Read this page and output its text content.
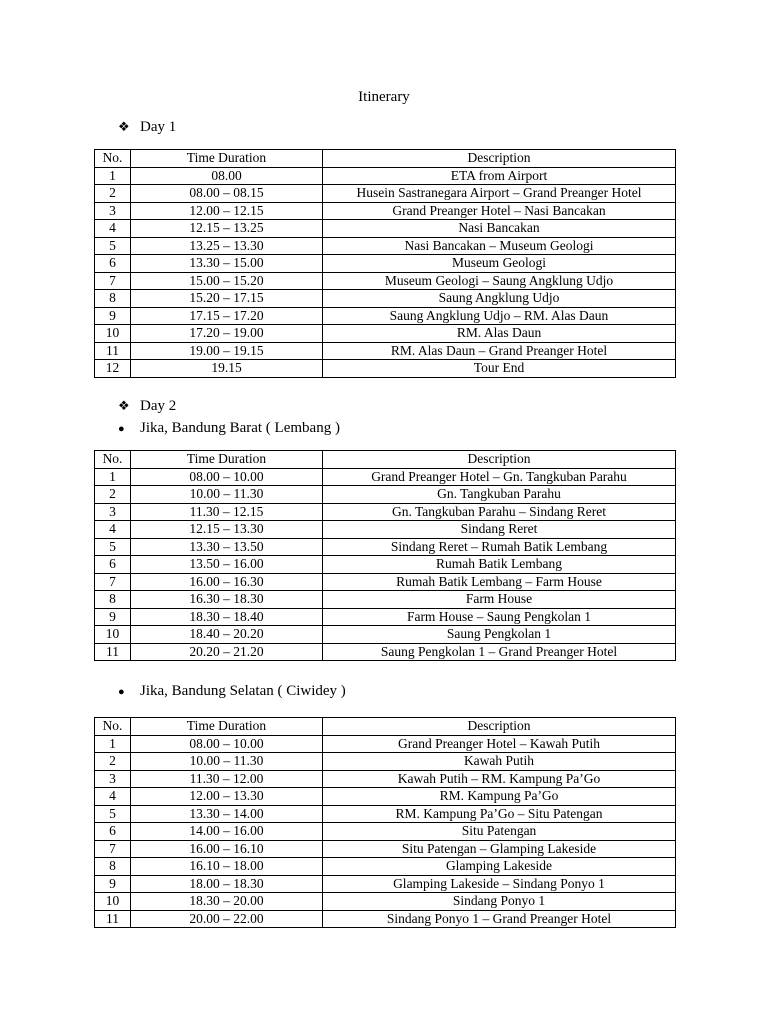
Itinerary
❖ Day 1
No.	Time Duration	Description
1	08.00	ETA from Airport
2	08.00 – 08.15	Husein Sastranegara Airport – Grand Preanger Hotel
3	12.00 – 12.15	Grand Preanger Hotel – Nasi Bancakan
4	12.15 – 13.25	Nasi Bancakan
5	13.25 – 13.30	Nasi Bancakan – Museum Geologi
6	13.30 – 15.00	Museum Geologi
7	15.00 – 15.20	Museum Geologi – Saung Angklung Udjo
8	15.20 – 17.15	Saung Angklung Udjo
9	17.15 – 17.20	Saung Angklung Udjo – RM. Alas Daun
10	17.20 – 19.00	RM. Alas Daun
11	19.00 – 19.15	RM. Alas Daun – Grand Preanger Hotel
12	19.15	Tour End
❖ Day 2
● Jika, Bandung Barat ( Lembang )
No.	Time Duration	Description
1	08.00 – 10.00	Grand Preanger Hotel – Gn. Tangkuban Parahu
2	10.00 – 11.30	Gn. Tangkuban Parahu
3	11.30 – 12.15	Gn. Tangkuban Parahu – Sindang Reret
4	12.15 – 13.30	Sindang Reret
5	13.30 – 13.50	Sindang Reret – Rumah Batik Lembang
6	13.50 – 16.00	Rumah Batik Lembang
7	16.00 – 16.30	Rumah Batik Lembang – Farm House
8	16.30 – 18.30	Farm House
9	18.30 – 18.40	Farm House – Saung Pengkolan 1
10	18.40 – 20.20	Saung Pengkolan 1
11	20.20 – 21.20	Saung Pengkolan 1 – Grand Preanger Hotel
● Jika, Bandung Selatan ( Ciwidey )
No.	Time Duration	Description
1	08.00 – 10.00	Grand Preanger Hotel – Kawah Putih
2	10.00 – 11.30	Kawah Putih
3	11.30 – 12.00	Kawah Putih – RM. Kampung Pa’Go
4	12.00 – 13.30	RM. Kampung Pa’Go
5	13.30 – 14.00	RM. Kampung Pa’Go – Situ Patengan
6	14.00 – 16.00	Situ Patengan
7	16.00 – 16.10	Situ Patengan – Glamping Lakeside
8	16.10 – 18.00	Glamping Lakeside
9	18.00 – 18.30	Glamping Lakeside – Sindang Ponyo 1
10	18.30 – 20.00	Sindang Ponyo 1
11	20.00 – 22.00	Sindang Ponyo 1 – Grand Preanger Hotel
